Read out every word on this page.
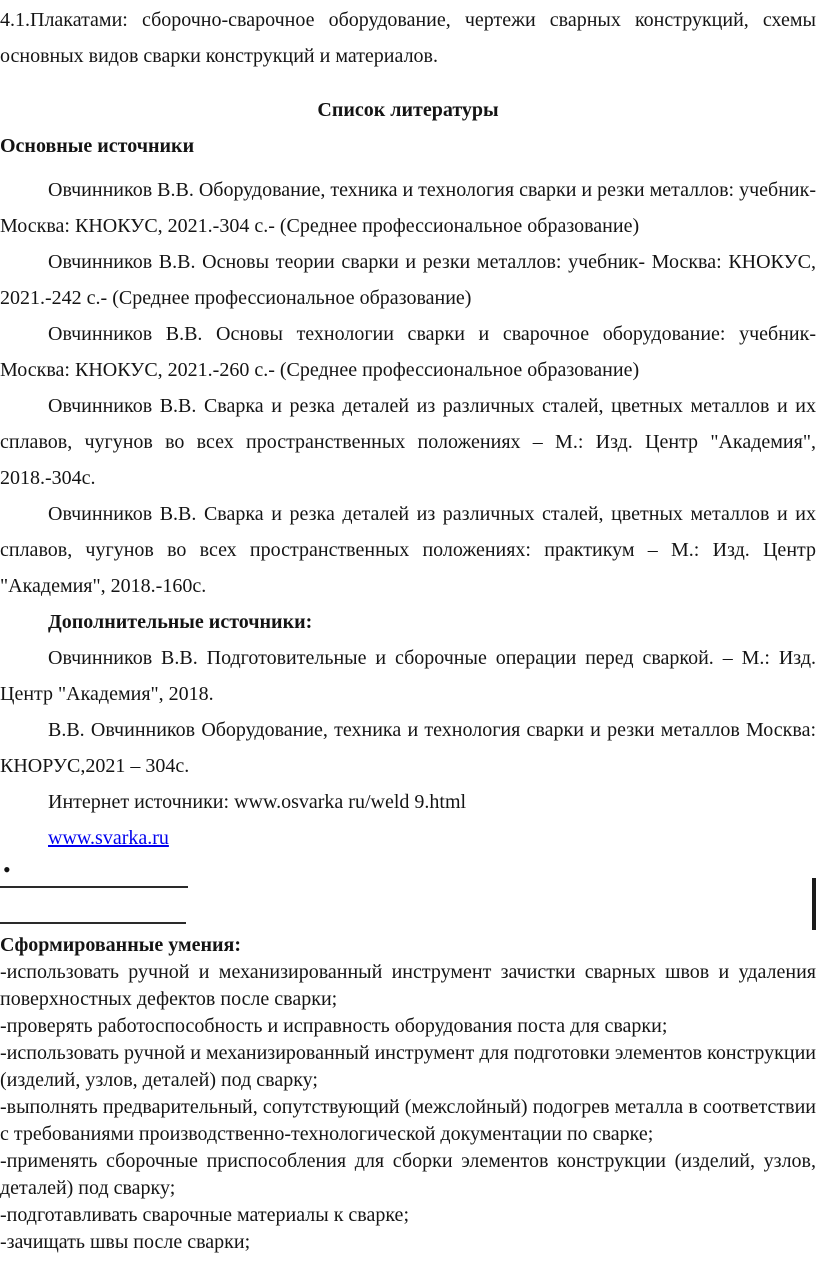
4.1.Плакатами: сборочно-сварочное оборудование, чертежи сварных конструкций, схемы основных видов сварки конструкций и материалов.

Список литературы
Основные источники

Овчинников В.В. Оборудование, техника и технология сварки и резки металлов: учебник- Москва: КНОКУС, 2021.-304 с.- (Среднее профессиональное образование)

Овчинников В.В. Основы теории сварки и резки металлов: учебник- Москва: КНОКУС, 2021.-242 с.- (Среднее профессиональное образование)

Овчинников В.В. Основы технологии сварки и сварочное оборудование: учебник- Москва: КНОКУС, 2021.-260 с.- (Среднее профессиональное образование)

Овчинников В.В. Сварка и резка деталей из различных сталей, цветных металлов и их сплавов, чугунов во всех пространственных положениях – М.: Изд. Центр "Академия", 2018.-304с.

Овчинников В.В. Сварка и резка деталей из различных сталей, цветных металлов и их сплавов, чугунов во всех пространственных положениях: практикум – М.: Изд. Центр "Академия", 2018.-160с.

Дополнительные источники:

Овчинников В.В. Подготовительные и сборочные операции перед сваркой. – М.: Изд. Центр "Академия", 2018.

В.В. Овчинников Оборудование, техника и технология сварки и резки металлов Москва: КНОРУС,2021 – 304с.

Интернет источники: www.osvarka ru/weld 9.html

www.svarka.ru

•
Сформированные умения:

-использовать ручной и механизированный инструмент зачистки сварных швов и удаления поверхностных дефектов после сварки;

-проверять работоспособность и исправность оборудования поста для сварки;

-использовать ручной и механизированный инструмент для подготовки элементов конструкции (изделий, узлов, деталей) под сварку;

-выполнять предварительный, сопутствующий (межслойный) подогрев металла в соответствии с требованиями производственно-технологической документации по сварке;

-применять сборочные приспособления для сборки элементов конструкции (изделий, узлов, деталей) под сварку;

-подготавливать сварочные материалы к сварке;

-зачищать швы после сварки;
